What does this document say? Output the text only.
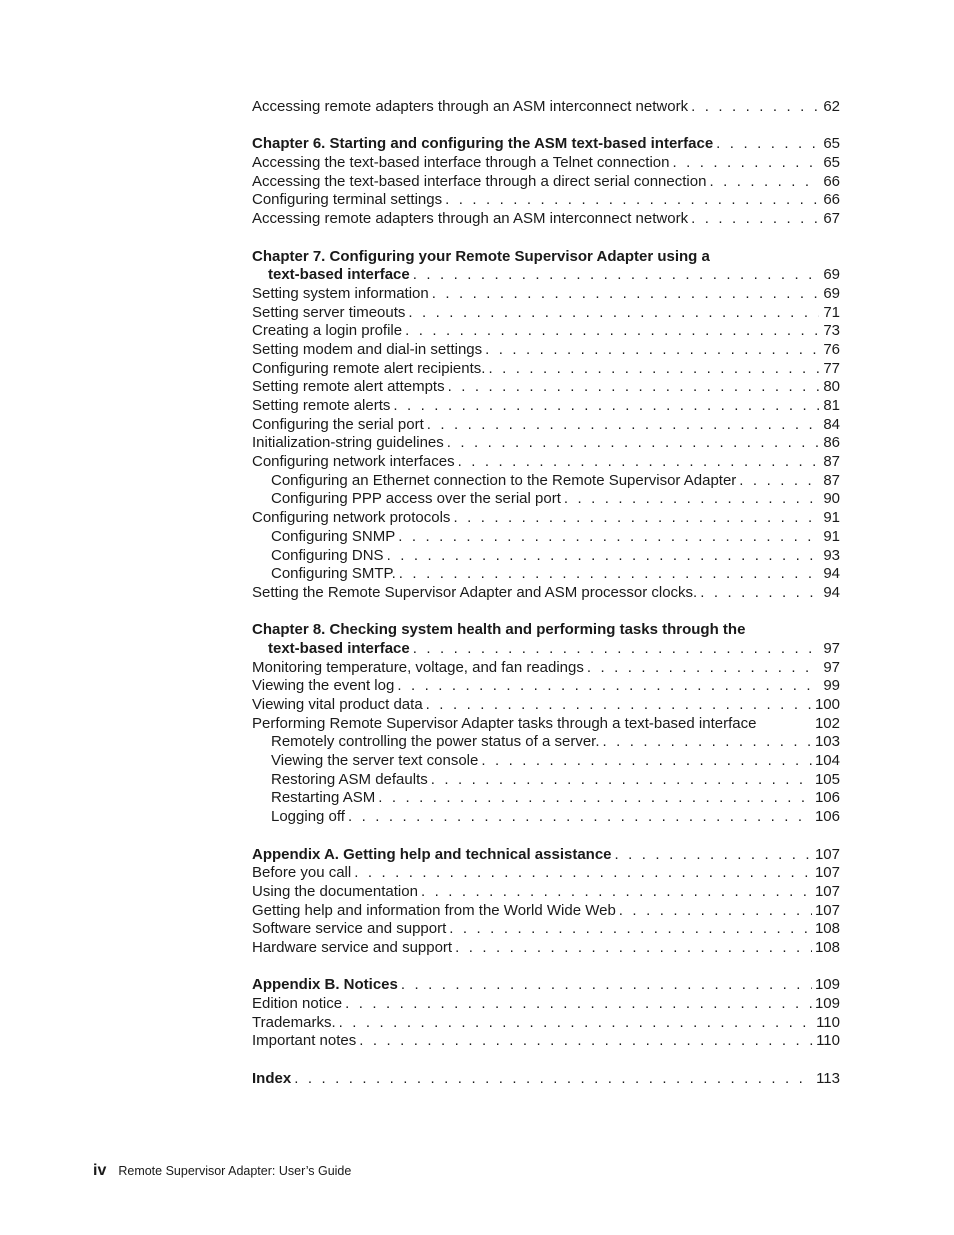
Accessing remote adapters through an ASM interconnect network . . .	62
Chapter 6. Starting and configuring the ASM text-based interface . . .	65
Accessing the text-based interface through a Telnet connection . . .	65
Accessing the text-based interface through a direct serial connection . . .	66
Configuring terminal settings . . .	66
Accessing remote adapters through an ASM interconnect network . . .	67
Chapter 7. Configuring your Remote Supervisor Adapter using a
text-based interface . . .	69
Setting system information . . .	69
Setting server timeouts . . .	71
Creating a login profile . . .	73
Setting modem and dial-in settings . . .	76
Configuring remote alert recipients. . . .	77
Setting remote alert attempts . . .	80
Setting remote alerts . . .	81
Configuring the serial port . . .	84
Initialization-string guidelines . . .	86
Configuring network interfaces . . .	87
Configuring an Ethernet connection to the Remote Supervisor Adapter . . .	87
Configuring PPP access over the serial port . . .	90
Configuring network protocols . . .	91
Configuring SNMP . . .	91
Configuring DNS . . .	93
Configuring SMTP. . . .	94
Setting the Remote Supervisor Adapter and ASM processor clocks. . . .	94
Chapter 8. Checking system health and performing tasks through the
text-based interface . . .	97
Monitoring temperature, voltage, and fan readings . . .	97
Viewing the event log . . .	99
Viewing vital product data . . .	100
Performing Remote Supervisor Adapter tasks through a text-based interface	102
Remotely controlling the power status of a server. . . .	103
Viewing the server text console . . .	104
Restoring ASM defaults . . .	105
Restarting ASM . . .	106
Logging off . . .	106
Appendix A. Getting help and technical assistance . . .	107
Before you call . . .	107
Using the documentation . . .	107
Getting help and information from the World Wide Web . . .	107
Software service and support . . .	108
Hardware service and support . . .	108
Appendix B. Notices . . .	109
Edition notice . . .	109
Trademarks. . . .	110
Important notes . . .	110
Index . . .	113
iv Remote Supervisor Adapter: User’s Guide
